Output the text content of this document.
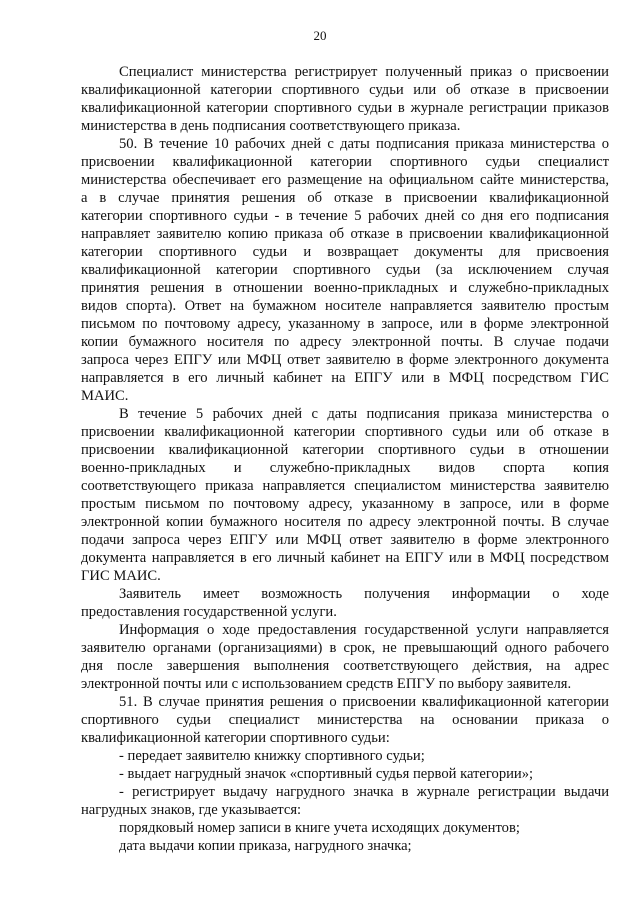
20
Специалист министерства регистрирует полученный приказ о присвоении
квалификационной категории спортивного судьи или об отказе в присвоении
квалификационной категории спортивного судьи в журнале регистрации приказов
министерства в день подписания соответствующего приказа.
50. В течение 10 рабочих дней с даты подписания приказа министерства о
присвоении квалификационной категории спортивного судьи специалист
министерства обеспечивает его размещение на официальном сайте министерства,
а в случае принятия решения об отказе в присвоении квалификационной
категории спортивного судьи - в течение 5 рабочих дней со дня его подписания
направляет заявителю копию приказа об отказе в присвоении квалификационной
категории спортивного судьи и возвращает документы для присвоения
квалификационной категории спортивного судьи (за исключением случая
принятия решения в отношении военно-прикладных и служебно-прикладных
видов спорта). Ответ на бумажном носителе направляется заявителю простым
письмом по почтовому адресу, указанному в запросе, или в форме электронной
копии бумажного носителя по адресу электронной почты. В случае подачи
запроса через ЕПГУ или МФЦ ответ заявителю в форме электронного документа
направляется в его личный кабинет на ЕПГУ или в МФЦ посредством ГИС
МАИС.
В течение 5 рабочих дней с даты подписания приказа министерства о
присвоении квалификационной категории спортивного судьи или об отказе в
присвоении квалификационной категории спортивного судьи в отношении
военно-прикладных и служебно-прикладных видов спорта копия
соответствующего приказа направляется специалистом министерства заявителю
простым письмом по почтовому адресу, указанному в запросе, или в форме
электронной копии бумажного носителя по адресу электронной почты. В случае
подачи запроса через ЕПГУ или МФЦ ответ заявителю в форме электронного
документа направляется в его личный кабинет на ЕПГУ или в МФЦ посредством
ГИС МАИС.
Заявитель имеет возможность получения информации о ходе
предоставления государственной услуги.
Информация о ходе предоставления государственной услуги направляется
заявителю органами (организациями) в срок, не превышающий одного рабочего
дня после завершения выполнения соответствующего действия, на адрес
электронной почты или с использованием средств ЕПГУ по выбору заявителя.
51. В случае принятия решения о присвоении квалификационной категории
спортивного судьи специалист министерства на основании приказа о
квалификационной категории спортивного судьи:
- передает заявителю книжку спортивного судьи;
- выдает нагрудный значок «спортивный судья первой категории»;
- регистрирует выдачу нагрудного значка в журнале регистрации выдачи
нагрудных знаков, где указывается:
порядковый номер записи в книге учета исходящих документов;
дата выдачи копии приказа, нагрудного значка;
